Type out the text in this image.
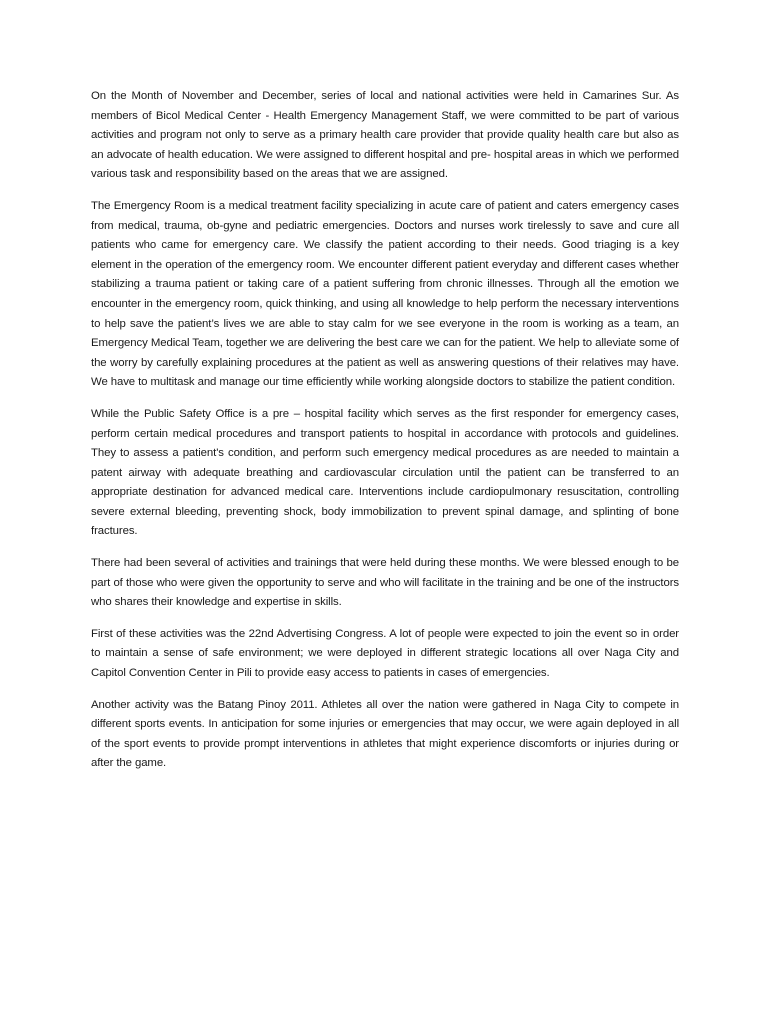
On the Month of November and December, series of local and national activities were held in Camarines Sur. As members of Bicol Medical Center - Health Emergency Management Staff, we were committed to be part of various activities and program not only to serve as a primary health care provider that provide quality health care but also as an advocate of health education. We were assigned to different hospital and pre- hospital areas in which we performed various task and responsibility based on the areas that we are assigned.

The Emergency Room is a medical treatment facility specializing in acute care of patient and caters emergency cases from medical, trauma, ob-gyne and pediatric emergencies. Doctors and nurses work tirelessly to save and cure all patients who came for emergency care. We classify the patient according to their needs. Good triaging is a key element in the operation of the emergency room. We encounter different patient everyday and different cases whether stabilizing a trauma patient or taking care of a patient suffering from chronic illnesses. Through all the emotion we encounter in the emergency room, quick thinking, and using all knowledge to help perform the necessary interventions to help save the patient’s lives we are able to stay calm for we see everyone in the room is working as a team, an Emergency Medical Team, together we are delivering the best care we can for the patient. We help to alleviate some of the worry by carefully explaining procedures at the patient as well as answering questions of their relatives may have. We have to multitask and manage our time efficiently while working alongside doctors to stabilize the patient condition.

While the Public Safety Office is a pre – hospital facility which serves as the first responder for emergency cases, perform certain medical procedures and transport patients to hospital in accordance with protocols and guidelines. They to assess a patient's condition, and perform such emergency medical procedures as are needed to maintain a patent airway with adequate breathing and cardiovascular circulation until the patient can be transferred to an appropriate destination for advanced medical care. Interventions include cardiopulmonary resuscitation, controlling severe external bleeding, preventing shock, body immobilization to prevent spinal damage, and splinting of bone fractures.

There had been several of activities and trainings that were held during these months. We were blessed enough to be part of those who were given the opportunity to serve and who will facilitate in the training and be one of the instructors who shares their knowledge and expertise in skills.

First of these activities was the 22nd Advertising Congress. A lot of people were expected to join the event so in order to maintain a sense of safe environment; we were deployed in different strategic locations all over Naga City and Capitol Convention Center in Pili to provide easy access to patients in cases of emergencies.

Another activity was the Batang Pinoy 2011. Athletes all over the nation were gathered in Naga City to compete in different sports events. In anticipation for some injuries or emergencies that may occur, we were again deployed in all of the sport events to provide prompt interventions in athletes that might experience discomforts or injuries during or after the game.
